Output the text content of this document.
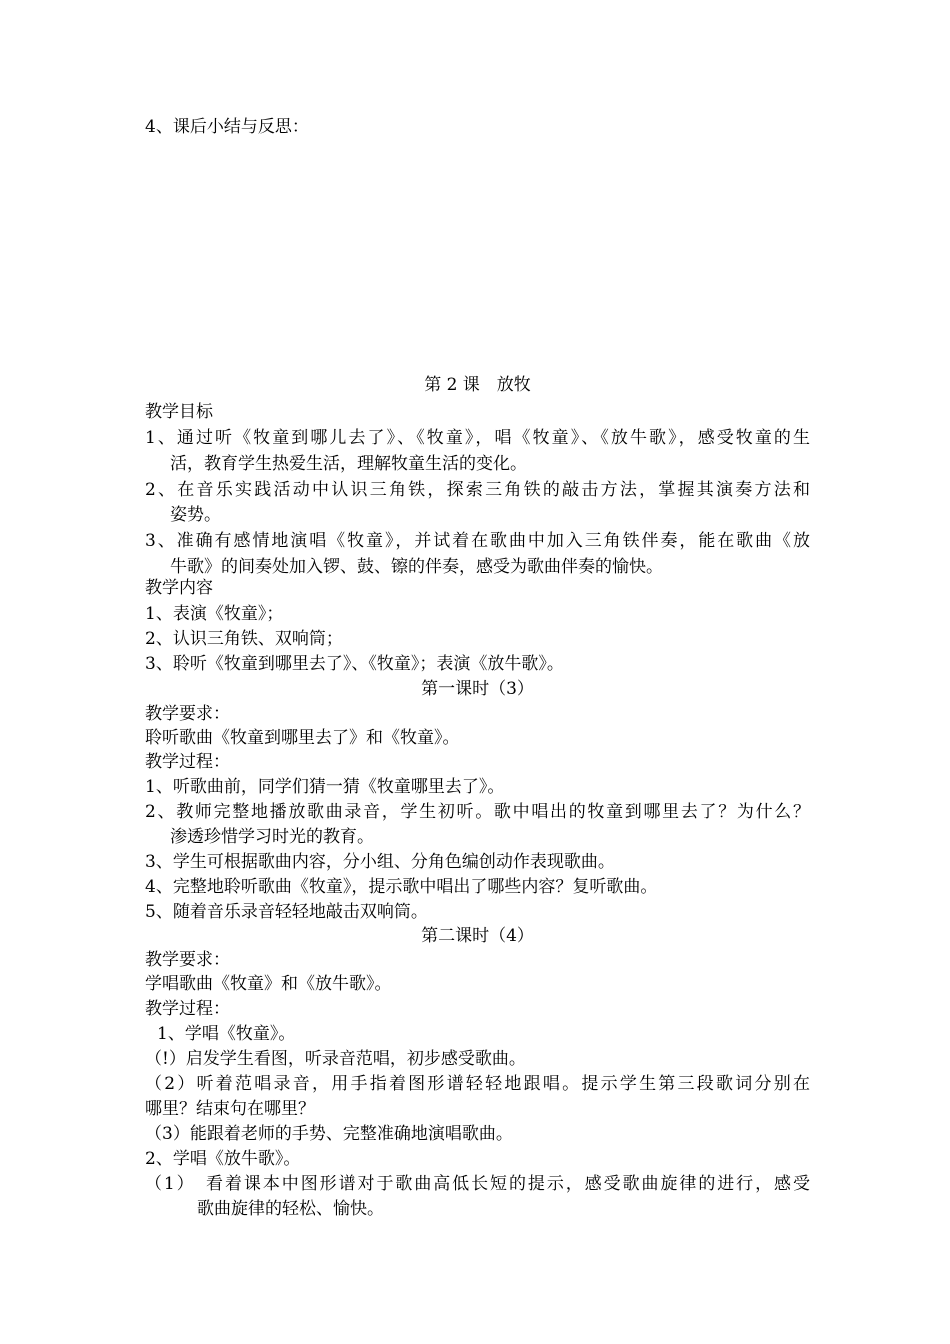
4、课后小结与反思：
第 2 课　放牧
教学目标
1、通过听《牧童到哪儿去了》、《牧童》，唱《牧童》、《放牛歌》，感受牧童的生
活，教育学生热爱生活，理解牧童生活的变化。
2、在音乐实践活动中认识三角铁，探索三角铁的敲击方法，掌握其演奏方法和
姿势。
3、准确有感情地演唱《牧童》，并试着在歌曲中加入三角铁伴奏，能在歌曲《放
牛歌》的间奏处加入锣、鼓、镲的伴奏，感受为歌曲伴奏的愉快。
教学内容
1、表演《牧童》；
2、认识三角铁、双响筒；
3、聆听《牧童到哪里去了》、《牧童》；表演《放牛歌》。
第一课时（3）
教学要求：
聆听歌曲《牧童到哪里去了》和《牧童》。
教学过程：
1、听歌曲前，同学们猜一猜《牧童哪里去了》。
2、教师完整地播放歌曲录音，学生初听。歌中唱出的牧童到哪里去了？为什么？
渗透珍惜学习时光的教育。
3、学生可根据歌曲内容，分小组、分角色编创动作表现歌曲。
4、完整地聆听歌曲《牧童》，提示歌中唱出了哪些内容？复听歌曲。
5、随着音乐录音轻轻地敲击双响筒。
第二课时（4）
教学要求：
学唱歌曲《牧童》和《放牛歌》。
教学过程：
1、学唱《牧童》。
（!）启发学生看图，听录音范唱，初步感受歌曲。
（2）听着范唱录音，用手指着图形谱轻轻地跟唱。提示学生第三段歌词分别在
哪里？结束句在哪里？
（3）能跟着老师的手势、完整准确地演唱歌曲。
2、学唱《放牛歌》。
（1）　看着课本中图形谱对于歌曲高低长短的提示，感受歌曲旋律的进行，感受
歌曲旋律的轻松、愉快。
